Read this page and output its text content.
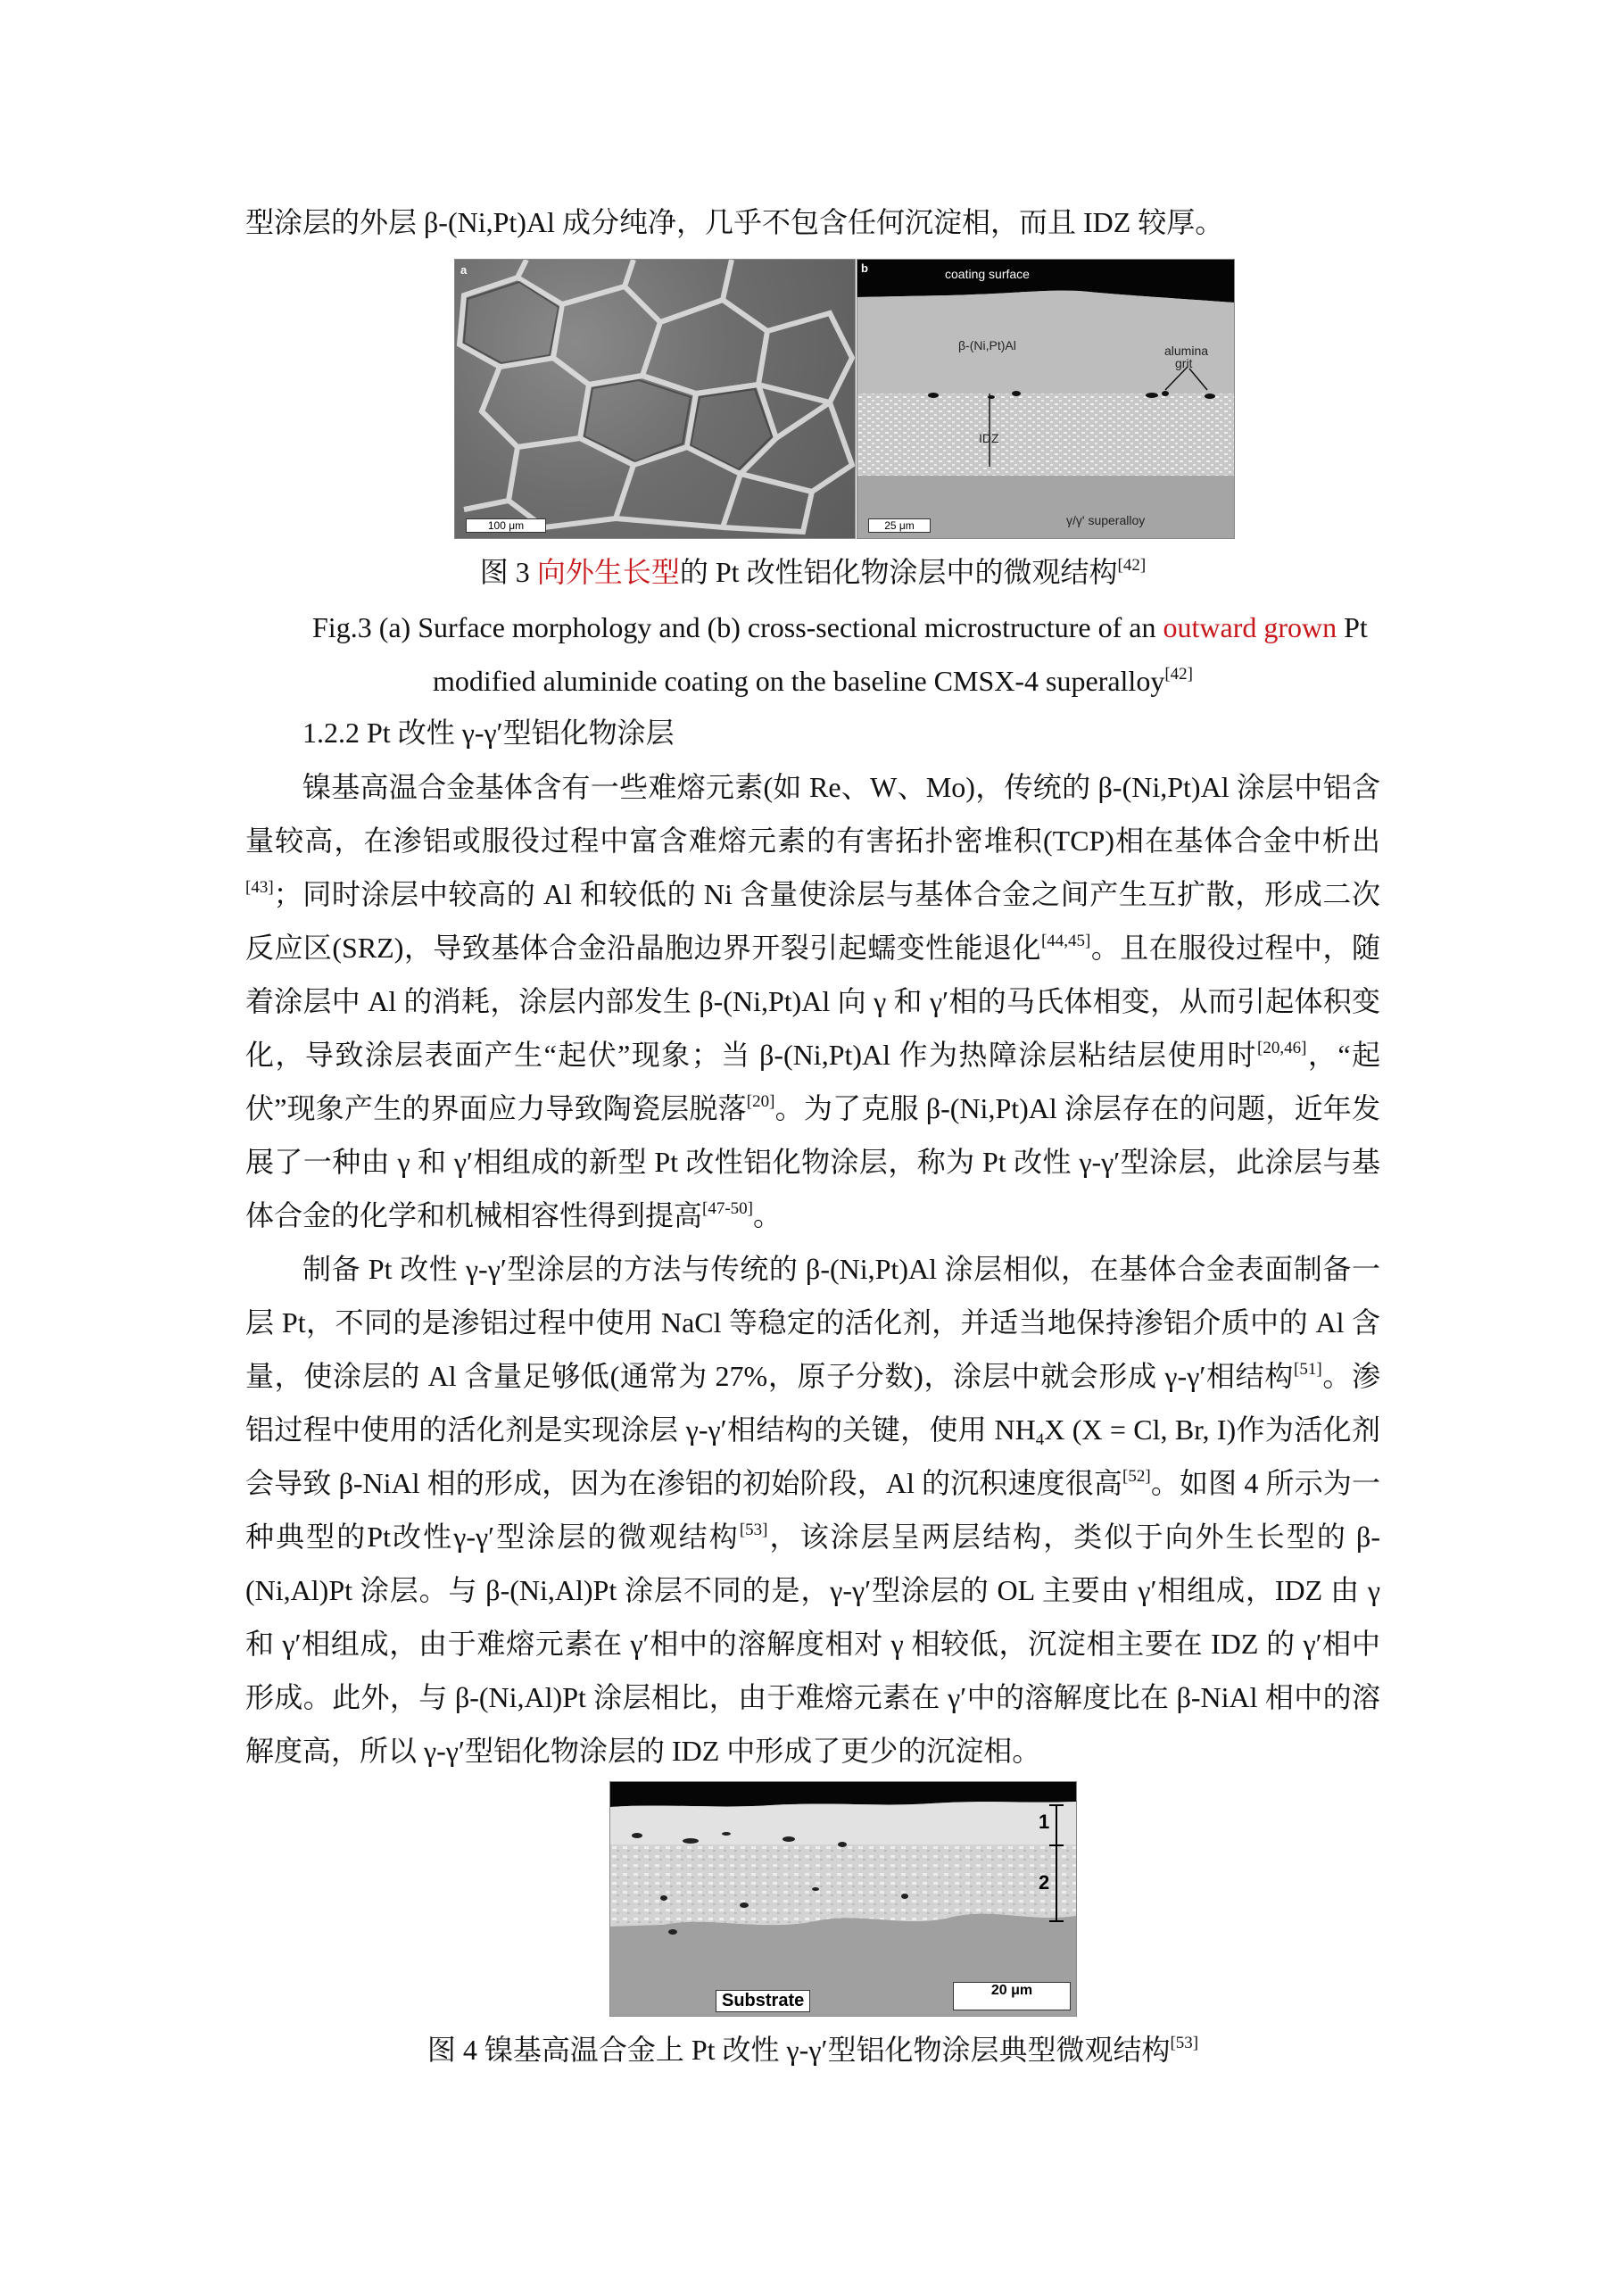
型涂层的外层 β-(Ni,Pt)Al 成分纯净，几乎不包含任何沉淀相，而且 IDZ 较厚。
a
100 μm
b	coating surface
β-(Ni,Pt)Al	alumina
grit
IDZ
γ/γ' superalloy
25 μm
图 3 向外生长型的 Pt 改性铝化物涂层中的微观结构[42]
Fig.3 (a) Surface morphology and (b) cross-sectional microstructure of an outward grown Pt
modified aluminide coating on the baseline CMSX-4 superalloy[42]
1.2.2 Pt 改性 γ-γ′型铝化物涂层

镍基高温合金基体含有一些难熔元素(如 Re、W、Mo)，传统的 β-(Ni,Pt)Al 涂层中铝含量较高，在渗铝或服役过程中富含难熔元素的有害拓扑密堆积(TCP)相在基体合金中析出[43]；同时涂层中较高的 Al 和较低的 Ni 含量使涂层与基体合金之间产生互扩散，形成二次反应区(SRZ)，导致基体合金沿晶胞边界开裂引起蠕变性能退化[44,45]。且在服役过程中，随着涂层中 Al 的消耗，涂层内部发生 β-(Ni,Pt)Al 向 γ 和 γ′相的马氏体相变，从而引起体积变化，导致涂层表面产生“起伏”现象；当 β-(Ni,Pt)Al 作为热障涂层粘结层使用时[20,46]，“起伏”现象产生的界面应力导致陶瓷层脱落[20]。为了克服 β-(Ni,Pt)Al 涂层存在的问题，近年发展了一种由 γ 和 γ′相组成的新型 Pt 改性铝化物涂层，称为 Pt 改性 γ-γ′型涂层，此涂层与基体合金的化学和机械相容性得到提高[47-50]。

制备 Pt 改性 γ-γ′型涂层的方法与传统的 β-(Ni,Pt)Al 涂层相似，在基体合金表面制备一层 Pt，不同的是渗铝过程中使用 NaCl 等稳定的活化剂，并适当地保持渗铝介质中的 Al 含量，使涂层的 Al 含量足够低(通常为 27%，原子分数)，涂层中就会形成 γ-γ′相结构[51]。渗铝过程中使用的活化剂是实现涂层 γ-γ′相结构的关键，使用 $NH_4X$ (X = Cl, Br, I)作为活化剂会导致 β-NiAl 相的形成，因为在渗铝的初始阶段，Al 的沉积速度很高[52]。如图 4 所示为一种典型的Pt改性γ-γ′型涂层的微观结构[53]，该涂层呈两层结构，类似于向外生长型的 β-(Ni,Al)Pt 涂层。与 β-(Ni,Al)Pt 涂层不同的是，γ-γ′型涂层的 OL 主要由 γ′相组成，IDZ 由 γ 和 γ′相组成，由于难熔元素在 γ′相中的溶解度相对 γ 相较低，沉淀相主要在 IDZ 的 γ′相中形成。此外，与 β-(Ni,Al)Pt 涂层相比，由于难熔元素在 γ′中的溶解度比在 β-NiAl 相中的溶解度高，所以 γ-γ′型铝化物涂层的 IDZ 中形成了更少的沉淀相。

1
2
Substrate
20 μm
图 4 镍基高温合金上 Pt 改性 γ-γ′型铝化物涂层典型微观结构[53]
